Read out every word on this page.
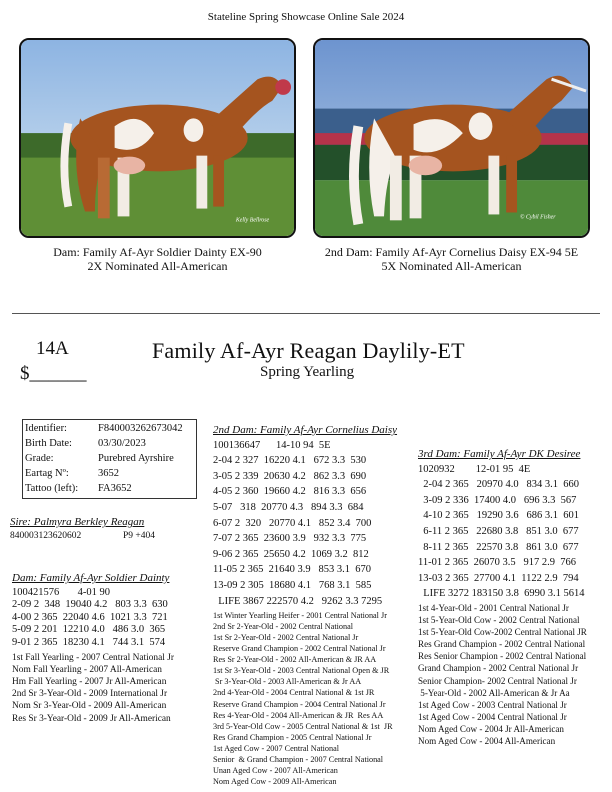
Stateline Spring Showcase Online Sale 2024
Kelly Bellrose	© Cybil Fisher
Dam: Family Af-Ayr Soldier Dainty EX-90
2X Nominated All-American
2nd Dam: Family Af-Ayr Cornelius Daisy EX-94 5E
5X Nominated All-American
14A
$______
Family Af-Ayr Reagan Daylily-ET
Spring Yearling
Identifier:	F840003262673042
Birth Date: 03/30/2023
Grade:	Purebred Ayrshire
Eartag Nº:	3652
Tattoo (left): FA3652
Sire: Palmyra Berkley Reagan
840003123620602	P9 +404
Dam: Family Af-Ayr Soldier Dainty
100421576       4-01 90
2-09 2  348  19040 4.2   803 3.3  630
4-00 2 365  22040 4.6  1021 3.3  721
5-09 2 201  12210 4.0   486 3.0  365
9-01 2 365  18230 4.1   744 3.1  574
1st Fall Yearling - 2007 Central National Jr
Nom Fall Yearling - 2007 All-American
Hm Fall Yearling - 2007 Jr All-American
2nd Sr 3-Year-Old - 2009 International Jr
Nom Sr 3-Year-Old - 2009 All-American
Res Sr 3-Year-Old - 2009 Jr All-American
2nd Dam: Family Af-Ayr Cornelius Daisy
100136647      14-10 94  5E
2-04 2 327  16220 4.1   672 3.3  530
3-05 2 339  20630 4.2   862 3.3  690
4-05 2 360  19660 4.2   816 3.3  656
5-07   318  20770 4.3   894 3.3  684
6-07 2  320   20770 4.1   852 3.4  700
7-07 2 365  23600 3.9   932 3.3  775
9-06 2 365  25650 4.2  1069 3.2  812
11-05 2 365  21640 3.9   853 3.1  670
13-09 2 305  18680 4.1   768 3.1  585
LIFE 3867 222570 4.2   9262 3.3 7295
1st Winter Yearling Heifer - 2001 Central National Jr
2nd Sr 2-Year-Old - 2002 Central National
1st Sr 2-Year-Old - 2002 Central National Jr
Reserve Grand Champion - 2002 Central National Jr
Res Sr 2-Year-Old - 2002 All-American & JR AA
1st Sr 3-Year-Old - 2003 Central National Open & JR
Sr 3-Year-Old - 2003 All-American & Jr AA
2nd 4-Year-Old - 2004 Central National & 1st JR
Reserve Grand Champion - 2004 Central National Jr
Res 4-Year-Old - 2004 All-American & JR  Res AA
3rd 5-Year-Old Cow - 2005 Central National & 1st  JR
Res Grand Champion - 2005 Central National Jr
1st Aged Cow - 2007 Central National
Senior  & Grand Champion - 2007 Central National
Unan Aged Cow - 2007 All-American
Nom Aged Cow - 2009 All-American
3rd Dam: Family Af-Ayr DK Desiree
1020932        12-01 95  4E
2-04 2 365   20970 4.0   834 3.1  660
3-09 2 336  17400 4.0   696 3.3  567
4-10 2 365   19290 3.6   686 3.1  601
6-11 2 365   22680 3.8   851 3.0  677
8-11 2 365   22570 3.8   861 3.0  677
11-01 2 365  26070 3.5   917 2.9  766
13-03 2 365  27700 4.1  1122 2.9  794
LIFE 3272 183150 3.8  6990 3.1 5614
1st 4-Year-Old - 2001 Central National Jr
1st 5-Year-Old Cow - 2002 Central National
1st 5-Year-Old Cow-2002 Central National JR
Res Grand Champion - 2002 Central National
Res Senior Champion - 2002 Central National
Grand Champion - 2002 Central National Jr
Senior Champion- 2002 Central National Jr
5-Year-Old - 2002 All-American & Jr Aa
1st Aged Cow - 2003 Central National Jr
1st Aged Cow - 2004 Central National Jr
Nom Aged Cow - 2004 Jr All-American
Nom Aged Cow - 2004 All-American
